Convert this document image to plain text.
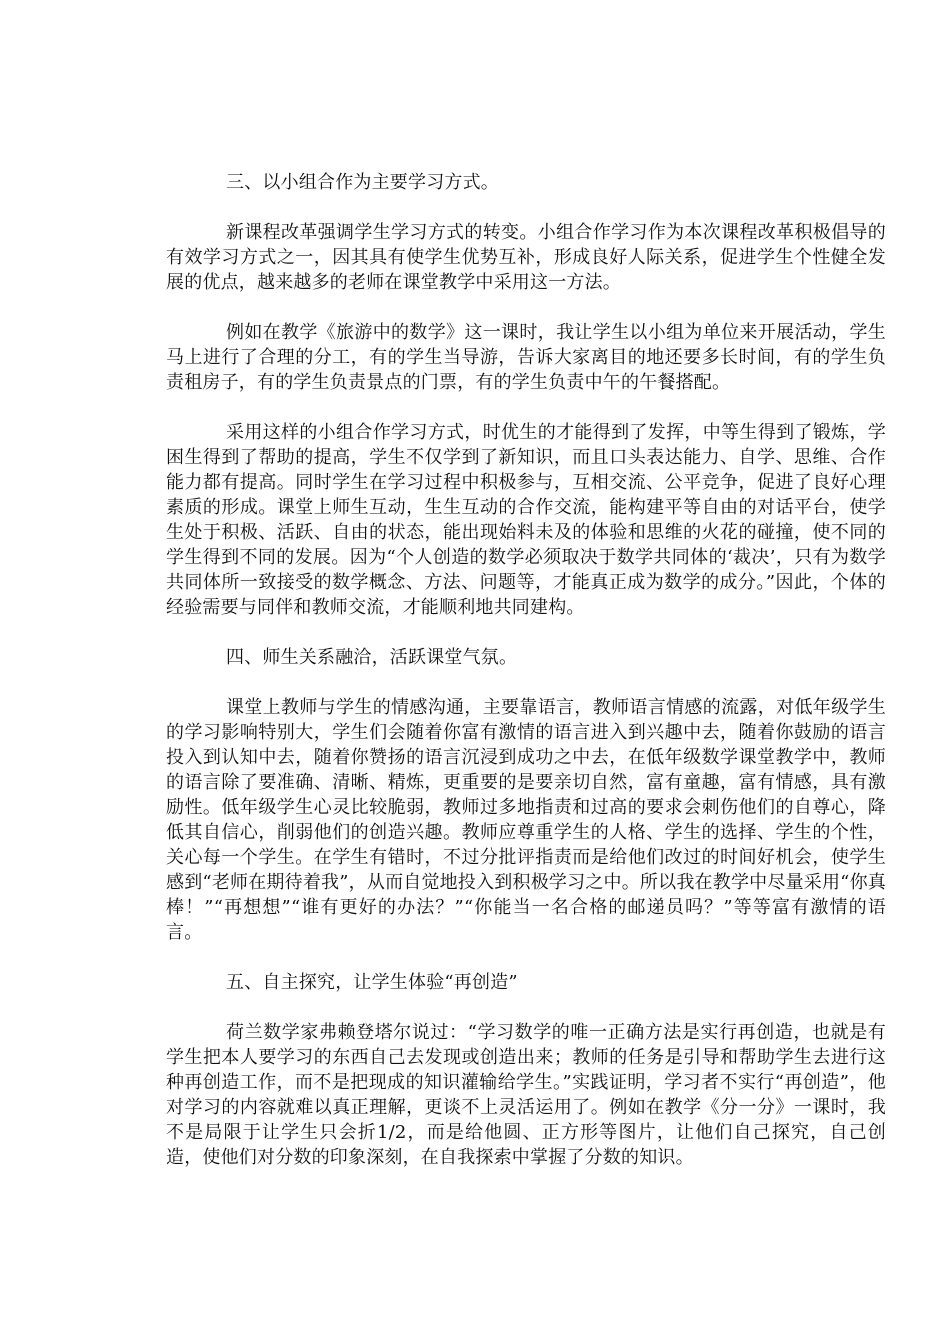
三、以小组合作为主要学习方式。

新课程改革强调学生学习方式的转变。小组合作学习作为本次课程改革积极倡导的有效学习方式之一，因其具有使学生优势互补，形成良好人际关系，促进学生个性健全发展的优点，越来越多的老师在课堂教学中采用这一方法。

例如在教学《旅游中的数学》这一课时，我让学生以小组为单位来开展活动，学生马上进行了合理的分工，有的学生当导游，告诉大家离目的地还要多长时间，有的学生负责租房子，有的学生负责景点的门票，有的学生负责中午的午餐搭配。

采用这样的小组合作学习方式，时优生的才能得到了发挥，中等生得到了锻炼，学困生得到了帮助的提高，学生不仅学到了新知识，而且口头表达能力、自学、思维、合作能力都有提高。同时学生在学习过程中积极参与，互相交流、公平竞争，促进了良好心理素质的形成。课堂上师生互动，生生互动的合作交流，能构建平等自由的对话平台，使学生处于积极、活跃、自由的状态，能出现始料未及的体验和思维的火花的碰撞，使不同的学生得到不同的发展。因为“个人创造的数学必须取决于数学共同体的‘裁决’，只有为数学共同体所一致接受的数学概念、方法、问题等，才能真正成为数学的成分。”因此，个体的经验需要与同伴和教师交流，才能顺利地共同建构。

四、师生关系融洽，活跃课堂气氛。

课堂上教师与学生的情感沟通，主要靠语言，教师语言情感的流露，对低年级学生的学习影响特别大，学生们会随着你富有激情的语言进入到兴趣中去，随着你鼓励的语言投入到认知中去，随着你赞扬的语言沉浸到成功之中去，在低年级数学课堂教学中，教师的语言除了要准确、清晰、精炼，更重要的是要亲切自然，富有童趣，富有情感，具有激励性。低年级学生心灵比较脆弱，教师过多地指责和过高的要求会刺伤他们的自尊心，降低其自信心，削弱他们的创造兴趣。教师应尊重学生的人格、学生的选择、学生的个性，关心每一个学生。在学生有错时，不过分批评指责而是给他们改过的时间好机会，使学生感到“老师在期待着我”，从而自觉地投入到积极学习之中。所以我在教学中尽量采用“你真棒！”“再想想”“谁有更好的办法？”“你能当一名合格的邮递员吗？”等等富有激情的语言。

五、自主探究，让学生体验“再创造”

荷兰数学家弗赖登塔尔说过：“学习数学的唯一正确方法是实行再创造，也就是有学生把本人要学习的东西自己去发现或创造出来；教师的任务是引导和帮助学生去进行这种再创造工作，而不是把现成的知识灌输给学生。”实践证明，学习者不实行“再创造”，他对学习的内容就难以真正理解，更谈不上灵活运用了。例如在教学《分一分》一课时，我不是局限于让学生只会折1/2，而是给他圆、正方形等图片，让他们自己探究，自己创造，使他们对分数的印象深刻，在自我探索中掌握了分数的知识。
